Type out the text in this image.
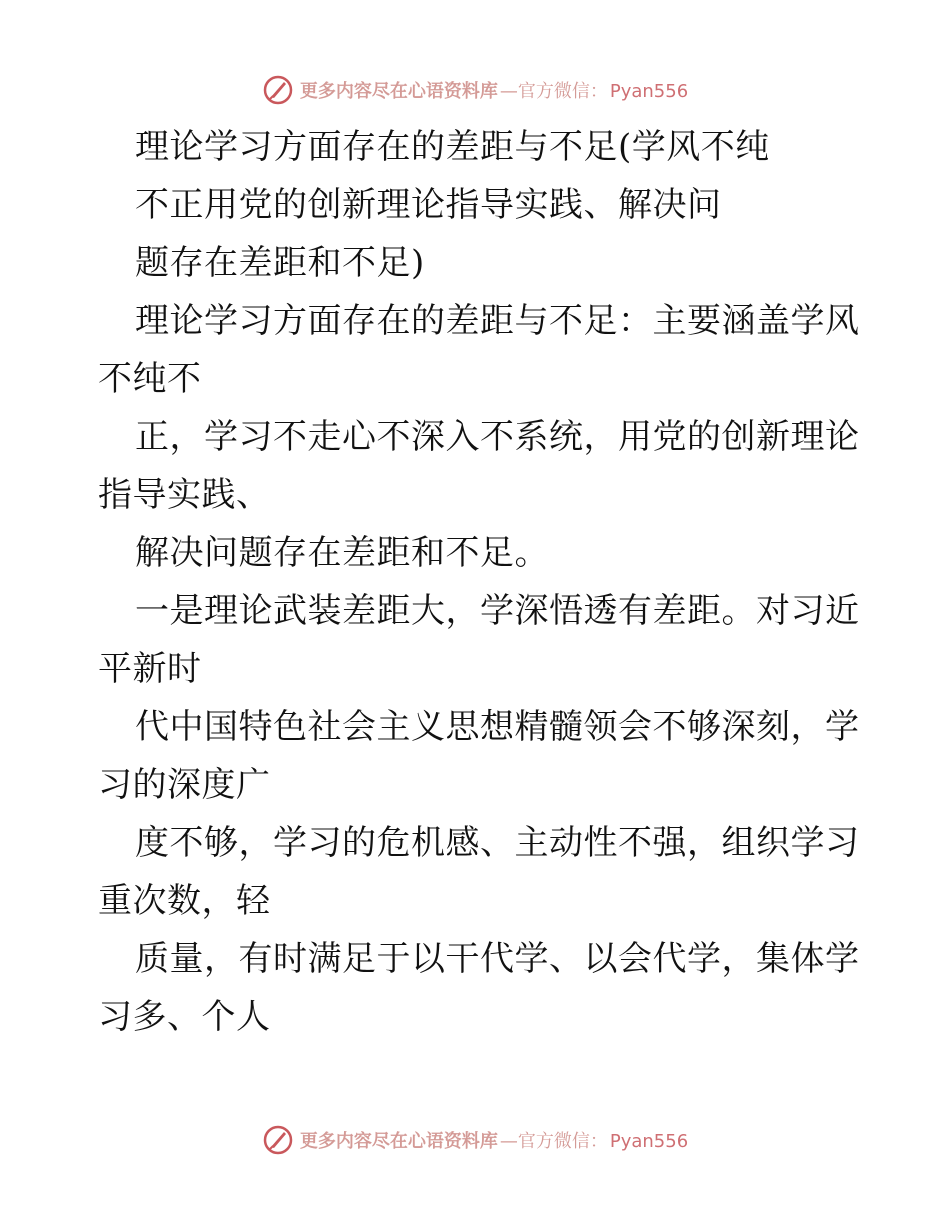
更多内容尽在心语资料库 —官方微信： Pyan556
理论学习方面存在的差距与不足(学风不纯
不正用党的创新理论指导实践、解决问
题存在差距和不足)
理论学习方面存在的差距与不足：主要涵盖学风
不纯不
正，学习不走心不深入不系统，用党的创新理论
指导实践、
解决问题存在差距和不足。
一是理论武装差距大，学深悟透有差距。对习近
平新时
代中国特色社会主义思想精髓领会不够深刻，学
习的深度广
度不够，学习的危机感、主动性不强，组织学习
重次数，轻
质量，有时满足于以干代学、以会代学，集体学
习多、个人
更多内容尽在心语资料库 —官方微信： Pyan556
